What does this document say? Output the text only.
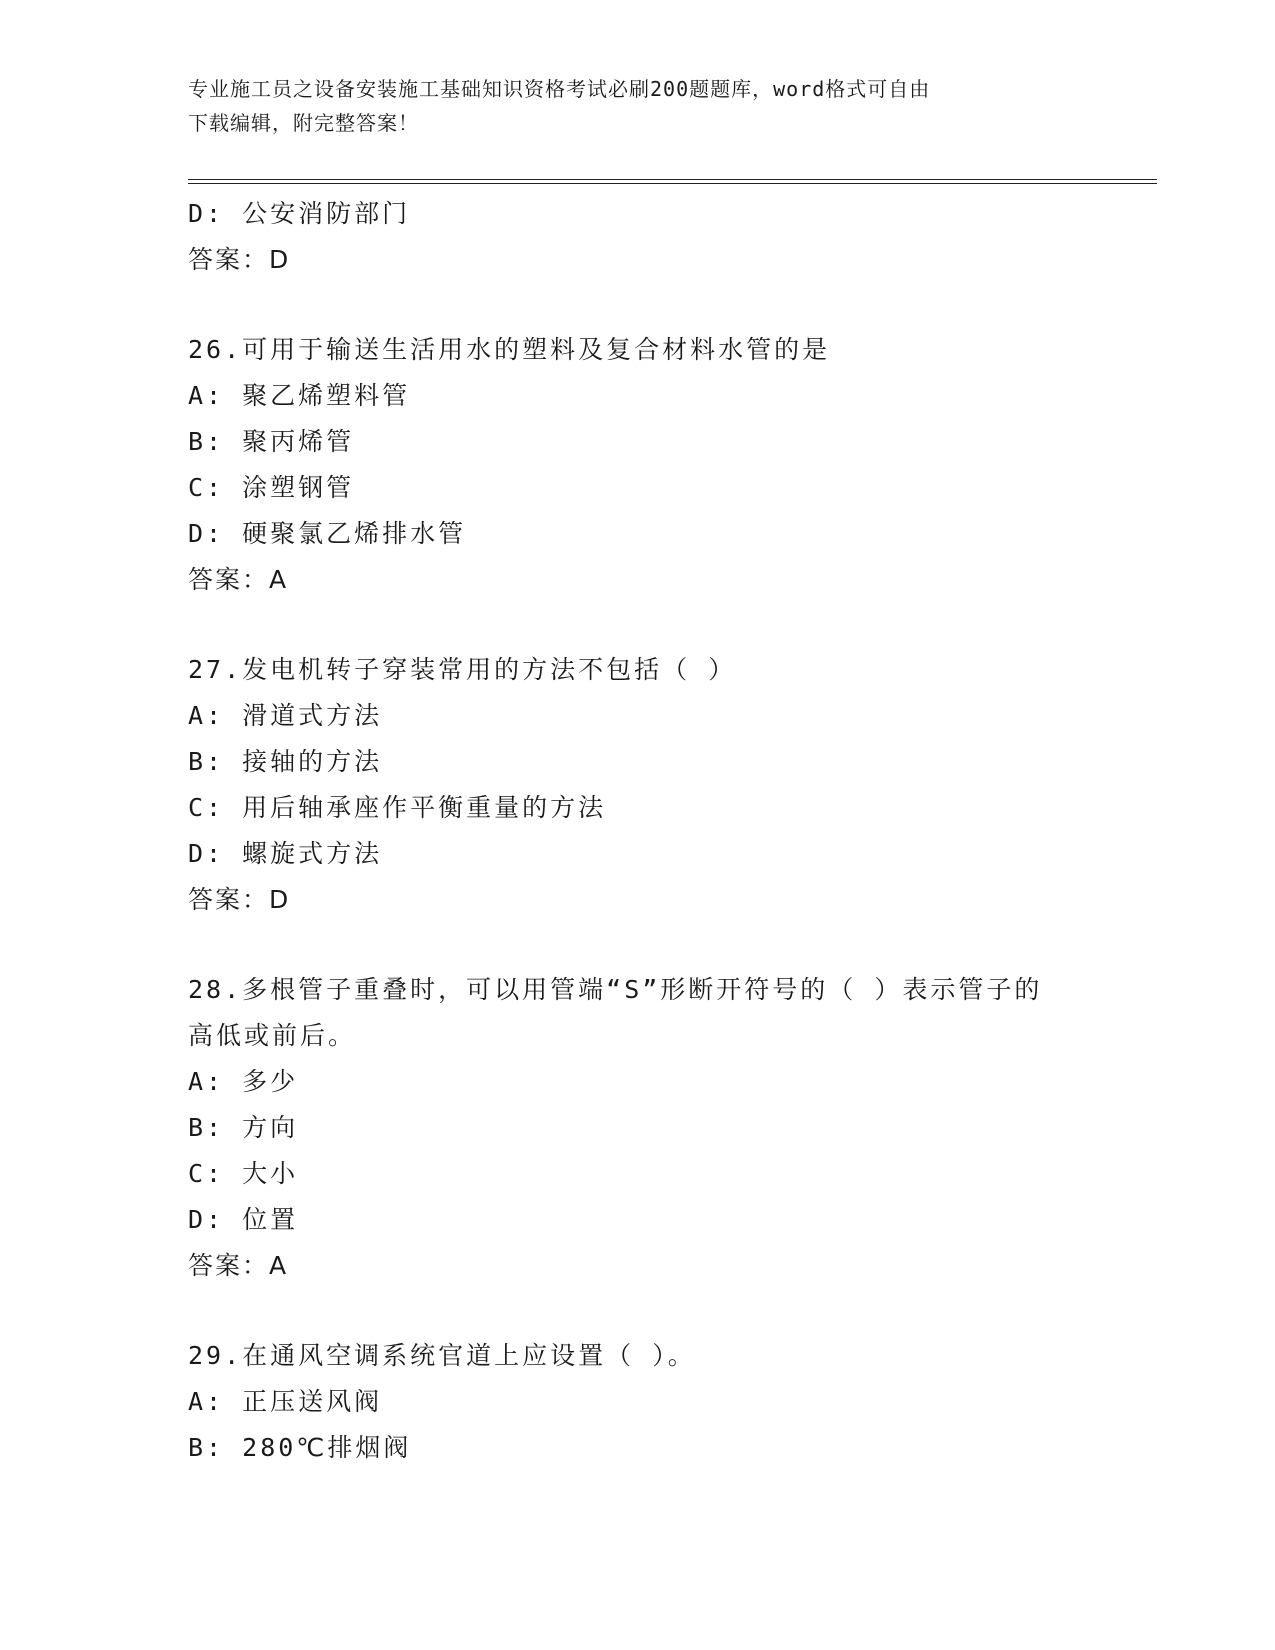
专业施工员之设备安装施工基础知识资格考试必刷200题题库，word格式可自由
下载编辑，附完整答案！
D: 公安消防部门
答案：D
26.可用于输送生活用水的塑料及复合材料水管的是
A: 聚乙烯塑料管
B: 聚丙烯管
C: 涂塑钢管
D: 硬聚氯乙烯排水管
答案：A
27.发电机转子穿装常用的方法不包括（ ）
A: 滑道式方法
B: 接轴的方法
C: 用后轴承座作平衡重量的方法
D: 螺旋式方法
答案：D
28.多根管子重叠时，可以用管端“S”形断开符号的（ ）表示管子的
高低或前后。
A: 多少
B: 方向
C: 大小
D: 位置
答案：A
29.在通风空调系统官道上应设置（ ）。
A: 正压送风阀
B: 280℃排烟阀
